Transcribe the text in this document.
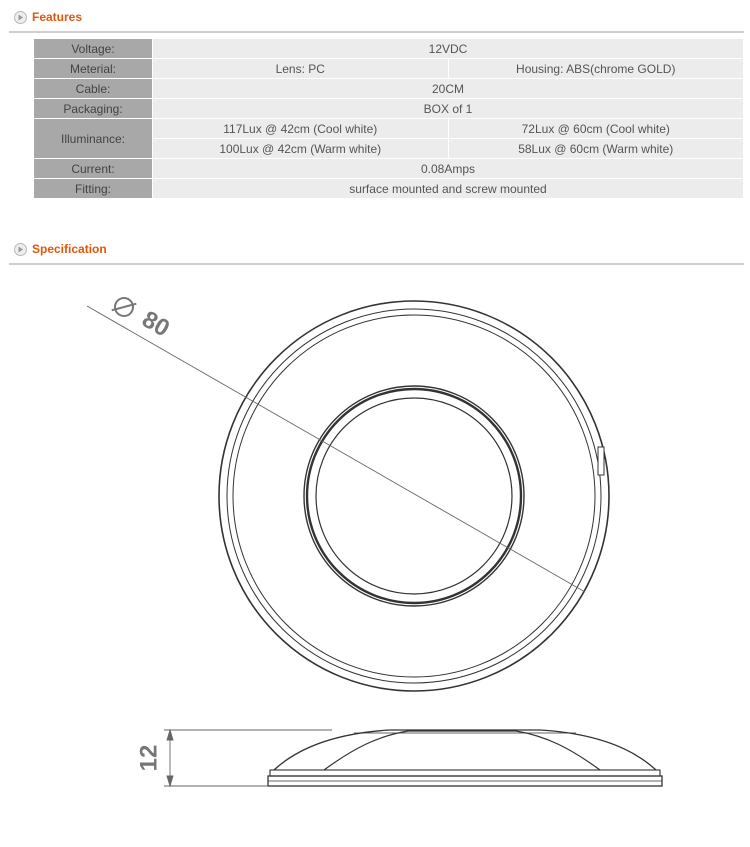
Features
Voltage:	12VDC	
Meterial:	Lens: PC	Housing: ABS(chrome GOLD)
Cable:	20CM	
Packaging:	BOX of 1	
Illuminance:	117Lux @ 42cm (Cool white)	72Lux @ 60cm (Cool white)
	100Lux @ 42cm (Warm white)	58Lux @ 60cm (Warm white)
Current:	0.08Amps	
Fitting:	surface mounted and screw mounted	
Specification
80
12
